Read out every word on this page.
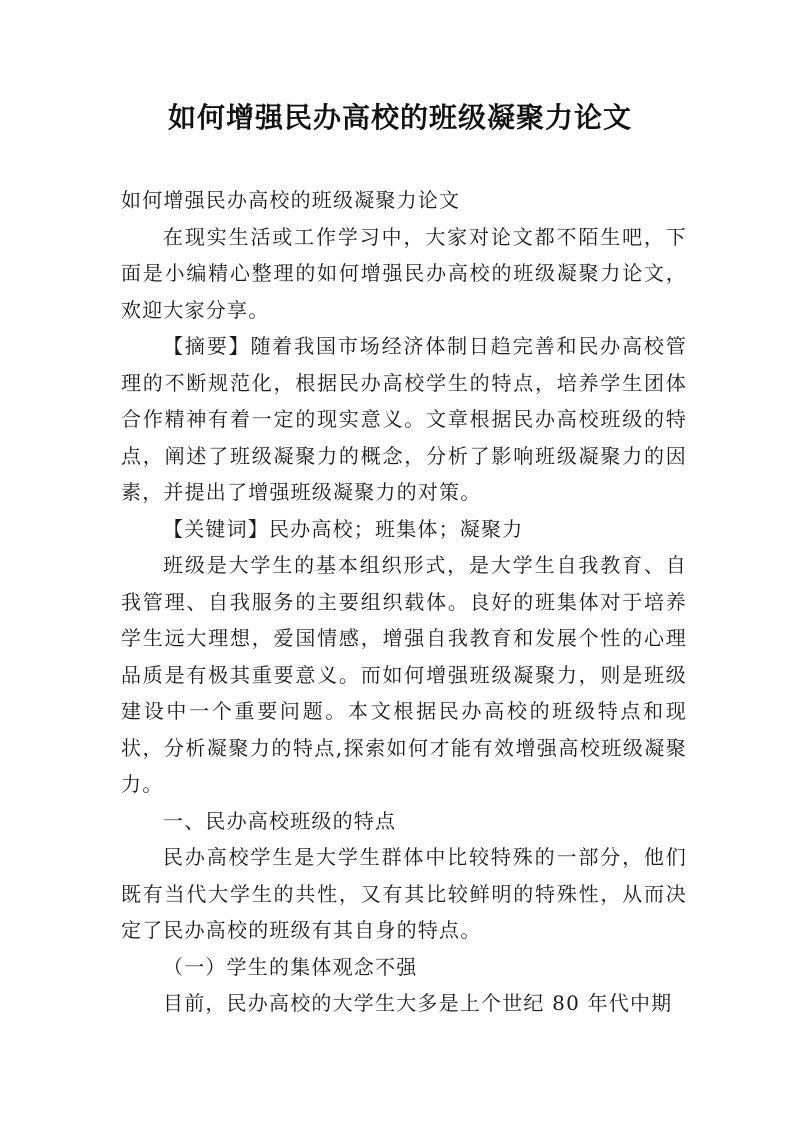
如何增强民办高校的班级凝聚力论文

如何增强民办高校的班级凝聚力论文

在现实生活或工作学习中，大家对论文都不陌生吧，下面是小编精心整理的如何增强民办高校的班级凝聚力论文，欢迎大家分享。

【摘要】随着我国市场经济体制日趋完善和民办高校管理的不断规范化，根据民办高校学生的特点，培养学生团体合作精神有着一定的现实意义。文章根据民办高校班级的特点，阐述了班级凝聚力的概念，分析了影响班级凝聚力的因素，并提出了增强班级凝聚力的对策。

【关键词】民办高校；班集体；凝聚力

班级是大学生的基本组织形式，是大学生自我教育、自我管理、自我服务的主要组织载体。良好的班集体对于培养学生远大理想，爱国情感，增强自我教育和发展个性的心理品质是有极其重要意义。而如何增强班级凝聚力，则是班级建设中一个重要问题。本文根据民办高校的班级特点和现状，分析凝聚力的特点,探索如何才能有效增强高校班级凝聚力。

一、民办高校班级的特点

民办高校学生是大学生群体中比较特殊的一部分，他们既有当代大学生的共性，又有其比较鲜明的特殊性，从而决定了民办高校的班级有其自身的特点。

（一）学生的集体观念不强

目前，民办高校的大学生大多是上个世纪 80 年代中期
